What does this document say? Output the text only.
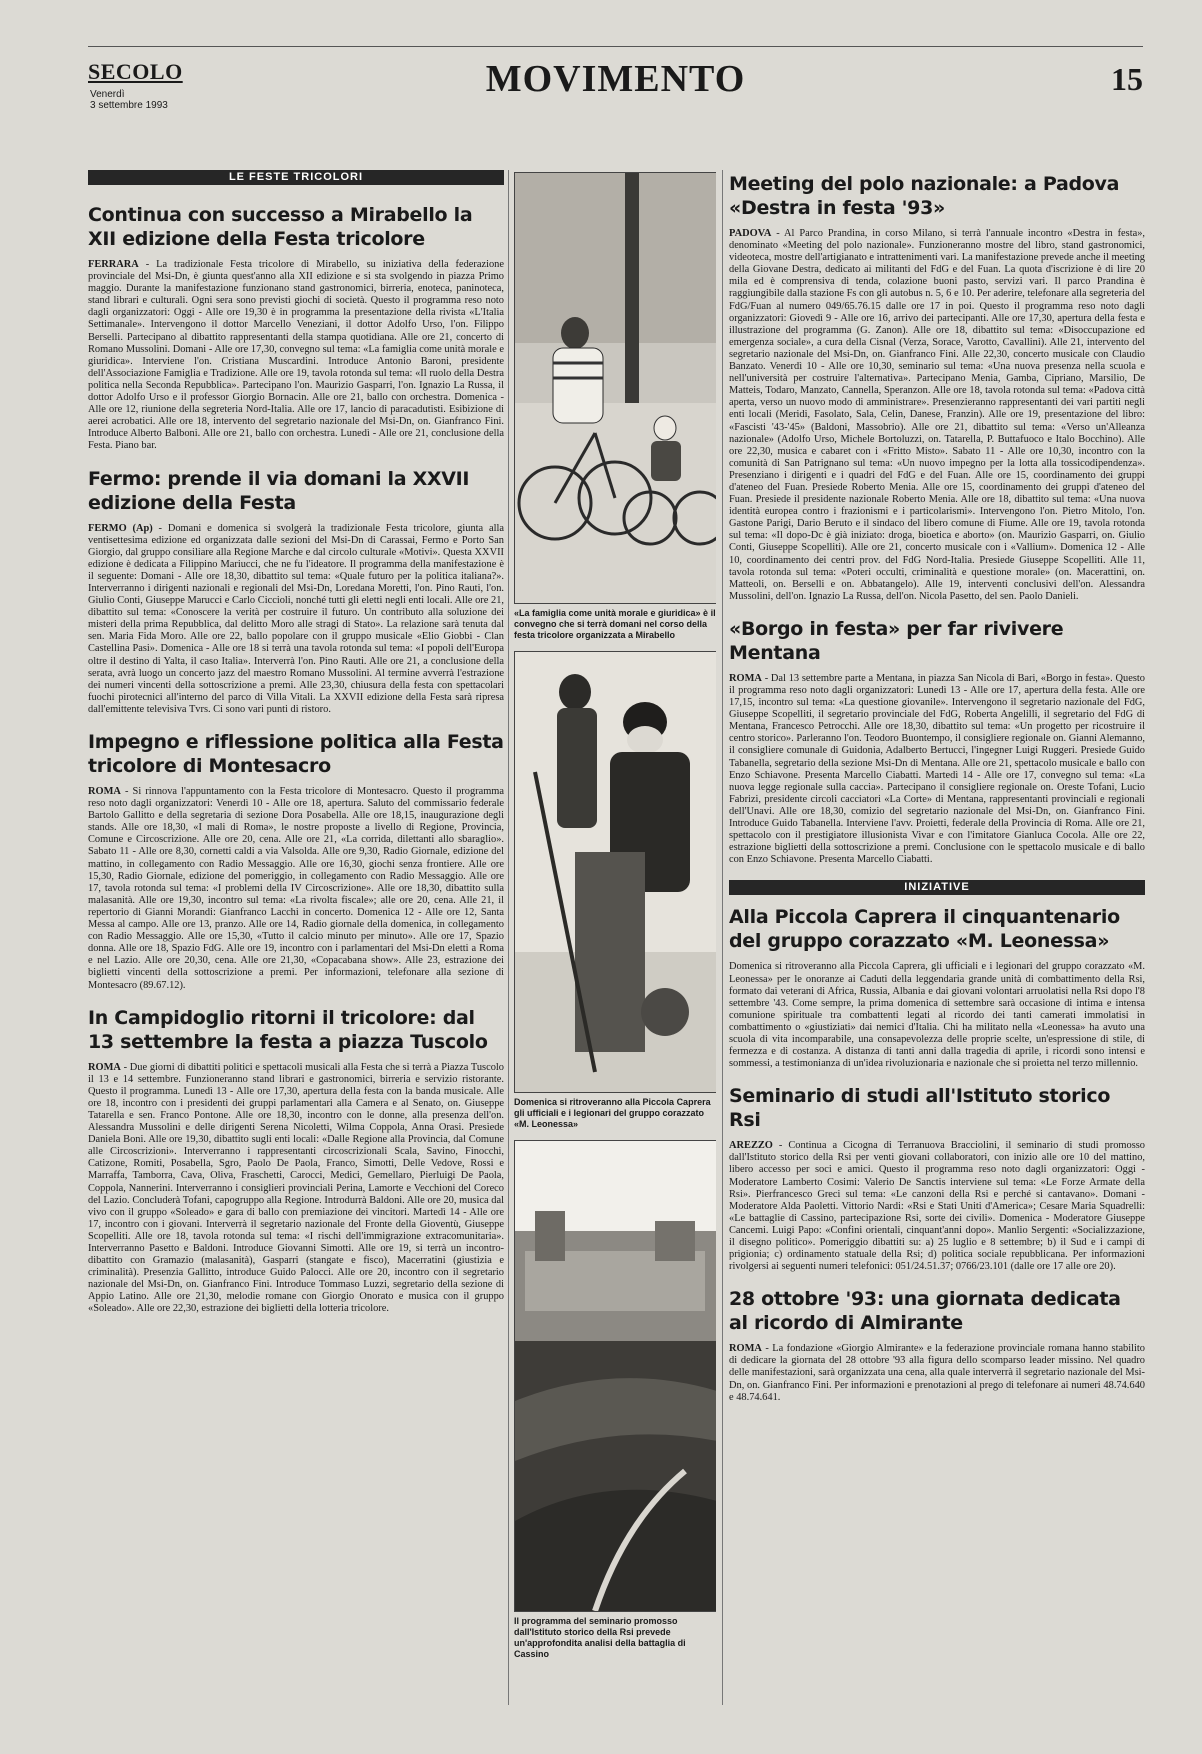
SECOLO
Venerdì
3 settembre 1993
MOVIMENTO	15
LE FESTE TRICOLORI
Continua con successo a Mirabello la XII edizione della Festa tricolore

FERRARA - La tradizionale Festa tricolore di Mirabello, su iniziativa della federazione provinciale del Msi-Dn, è giunta quest'anno alla XII edizione e si sta svolgendo in piazza Primo maggio. Durante la manifestazione funzionano stand gastronomici, birreria, enoteca, paninoteca, stand librari e culturali. Ogni sera sono previsti giochi di società. Questo il programma reso noto dagli organizzatori: Oggi - Alle ore 19,30 è in programma la presentazione della rivista «L'Italia Settimanale». Intervengono il dottor Marcello Veneziani, il dottor Adolfo Urso, l'on. Filippo Berselli. Partecipano al dibattito rappresentanti della stampa quotidiana. Alle ore 21, concerto di Romano Mussolini. Domani - Alle ore 17,30, convegno sul tema: «La famiglia come unità morale e giuridica». Interviene l'on. Cristiana Muscardini. Introduce Antonio Baroni, presidente dell'Associazione Famiglia e Tradizione. Alle ore 19, tavola rotonda sul tema: «Il ruolo della Destra politica nella Seconda Repubblica». Partecipano l'on. Maurizio Gasparri, l'on. Ignazio La Russa, il dottor Adolfo Urso e il professor Giorgio Bornacin. Alle ore 21, ballo con orchestra. Domenica - Alle ore 12, riunione della segreteria Nord-Italia. Alle ore 17, lancio di paracadutisti. Esibizione di aerei acrobatici. Alle ore 18, intervento del segretario nazionale del Msi-Dn, on. Gianfranco Fini. Introduce Alberto Balboni. Alle ore 21, ballo con orchestra. Lunedì - Alle ore 21, conclusione della Festa. Piano bar.

Fermo: prende il via domani la XXVII edizione della Festa

FERMO (Ap) - Domani e domenica si svolgerà la tradizionale Festa tricolore, giunta alla ventisettesima edizione ed organizzata dalle sezioni del Msi-Dn di Carassai, Fermo e Porto San Giorgio, dal gruppo consiliare alla Regione Marche e dal circolo culturale «Motivi». Questa XXVII edizione è dedicata a Filippino Mariucci, che ne fu l'ideatore. Il programma della manifestazione è il seguente: Domani - Alle ore 18,30, dibattito sul tema: «Quale futuro per la politica italiana?». Interverranno i dirigenti nazionali e regionali del Msi-Dn, Loredana Moretti, l'on. Pino Rauti, l'on. Giulio Conti, Giuseppe Marucci e Carlo Ciccioli, nonché tutti gli eletti negli enti locali. Alle ore 21, dibattito sul tema: «Conoscere la verità per costruire il futuro. Un contributo alla soluzione dei misteri della prima Repubblica, dal delitto Moro alle stragi di Stato». La relazione sarà tenuta dal sen. Maria Fida Moro. Alle ore 22, ballo popolare con il gruppo musicale «Elio Giobbi - Clan Castellina Pasi». Domenica - Alle ore 18 si terrà una tavola rotonda sul tema: «I popoli dell'Europa oltre il destino di Yalta, il caso Italia». Interverrà l'on. Pino Rauti. Alle ore 21, a conclusione della serata, avrà luogo un concerto jazz del maestro Romano Mussolini. Al termine avverrà l'estrazione dei numeri vincenti della sottoscrizione a premi. Alle 23,30, chiusura della festa con spettacolari fuochi pirotecnici all'interno del parco di Villa Vitali. La XXVII edizione della Festa sarà ripresa dall'emittente televisiva Tvrs. Ci sono vari punti di ristoro.

Impegno e riflessione politica alla Festa tricolore di Montesacro

ROMA - Si rinnova l'appuntamento con la Festa tricolore di Montesacro. Questo il programma reso noto dagli organizzatori: Venerdì 10 - Alle ore 18, apertura. Saluto del commissario federale Bartolo Gallitto e della segretaria di sezione Dora Posabella. Alle ore 18,15, inaugurazione degli stands. Alle ore 18,30, «I mali di Roma», le nostre proposte a livello di Regione, Provincia, Comune e Circoscrizione. Alle ore 20, cena. Alle ore 21, «La corrida, dilettanti allo sbaraglio». Sabato 11 - Alle ore 8,30, cornetti caldi a via Valsolda. Alle ore 9,30, Radio Giornale, edizione del mattino, in collegamento con Radio Messaggio. Alle ore 16,30, giochi senza frontiere. Alle ore 15,30, Radio Giornale, edizione del pomeriggio, in collegamento con Radio Messaggio. Alle ore 17, tavola rotonda sul tema: «I problemi della IV Circoscrizione». Alle ore 18,30, dibattito sulla malasanità. Alle ore 19,30, incontro sul tema: «La rivolta fiscale»; alle ore 20, cena. Alle 21, il repertorio di Gianni Morandi: Gianfranco Lacchi in concerto. Domenica 12 - Alle ore 12, Santa Messa al campo. Alle ore 13, pranzo. Alle ore 14, Radio giornale della domenica, in collegamento con Radio Messaggio. Alle ore 15,30, «Tutto il calcio minuto per minuto». Alle ore 17, Spazio donna. Alle ore 18, Spazio FdG. Alle ore 19, incontro con i parlamentari del Msi-Dn eletti a Roma e nel Lazio. Alle ore 20,30, cena. Alle ore 21,30, «Copacabana show». Alle 23, estrazione dei biglietti vincenti della sottoscrizione a premi. Per informazioni, telefonare alla sezione di Montesacro (89.67.12).

In Campidoglio ritorni il tricolore: dal 13 settembre la festa a piazza Tuscolo

ROMA - Due giorni di dibattiti politici e spettacoli musicali alla Festa che si terrà a Piazza Tuscolo il 13 e 14 settembre. Funzioneranno stand librari e gastronomici, birreria e servizio ristorante. Questo il programma. Lunedì 13 - Alle ore 17,30, apertura della festa con la banda musicale. Alle ore 18, incontro con i presidenti dei gruppi parlamentari alla Camera e al Senato, on. Giuseppe Tatarella e sen. Franco Pontone. Alle ore 18,30, incontro con le donne, alla presenza dell'on. Alessandra Mussolini e delle dirigenti Serena Nicoletti, Wilma Coppola, Anna Orasi. Presiede Daniela Boni. Alle ore 19,30, dibattito sugli enti locali: «Dalle Regione alla Provincia, dal Comune alle Circoscrizioni». Interverranno i rappresentanti circoscrizionali Scala, Savino, Finocchi, Catizone, Romiti, Posabella, Sgro, Paolo De Paola, Franco, Simotti, Delle Vedove, Rossi e Marraffa, Tamborra, Cava, Oliva, Fraschetti, Carocci, Medici, Gemellaro, Pierluigi De Paola, Coppola, Nannerini. Interverranno i consiglieri provinciali Perina, Lamorte e Vecchioni del Coreco del Lazio. Concluderà Tofani, capogruppo alla Regione. Introdurrà Baldoni. Alle ore 20, musica dal vivo con il gruppo «Soleado» e gara di ballo con premiazione dei vincitori. Martedì 14 - Alle ore 17, incontro con i giovani. Interverrà il segretario nazionale del Fronte della Gioventù, Giuseppe Scopelliti. Alle ore 18, tavola rotonda sul tema: «I rischi dell'immigrazione extracomunitaria». Interverranno Pasetto e Baldoni. Introduce Giovanni Simotti. Alle ore 19, si terrà un incontro-dibattito con Gramazio (malasanità), Gasparri (stangate e fisco), Macerratini (giustizia e criminalità). Presenzia Gallitto, introduce Guido Palocci. Alle ore 20, incontro con il segretario nazionale del Msi-Dn, on. Gianfranco Fini. Introduce Tommaso Luzzi, segretario della sezione di Appio Latino. Alle ore 21,30, melodie romane con Giorgio Onorato e musica con il gruppo «Soleado». Alle ore 22,30, estrazione dei biglietti della lotteria tricolore.

«La famiglia come unità morale e giuridica» è il convegno che si terrà domani nel corso della festa tricolore organizzata a Mirabello
Domenica si ritroveranno alla Piccola Caprera gli ufficiali e i legionari del gruppo corazzato «M. Leonessa»
Il programma del seminario promosso dall'Istituto storico della Rsi prevede un'approfondita analisi della battaglia di Cassino
Meeting del polo nazionale: a Padova «Destra in festa '93»

PADOVA - Al Parco Prandina, in corso Milano, si terrà l'annuale incontro «Destra in festa», denominato «Meeting del polo nazionale». Funzioneranno mostre del libro, stand gastronomici, videoteca, mostre dell'artigianato e intrattenimenti vari. La manifestazione prevede anche il meeting della Giovane Destra, dedicato ai militanti del FdG e del Fuan. La quota d'iscrizione è di lire 20 mila ed è comprensiva di tenda, colazione buoni pasto, servizi vari. Il parco Prandina è raggiungibile dalla stazione Fs con gli autobus n. 5, 6 e 10. Per aderire, telefonare alla segreteria del FdG/Fuan al numero 049/65.76.15 dalle ore 17 in poi. Questo il programma reso noto dagli organizzatori: Giovedì 9 - Alle ore 16, arrivo dei partecipanti. Alle ore 17,30, apertura della festa e illustrazione del programma (G. Zanon). Alle ore 18, dibattito sul tema: «Disoccupazione ed emergenza sociale», a cura della Cisnal (Verza, Sorace, Varotto, Cavallini). Alle 21, intervento del segretario nazionale del Msi-Dn, on. Gianfranco Fini. Alle 22,30, concerto musicale con Claudio Banzato. Venerdì 10 - Alle ore 10,30, seminario sul tema: «Una nuova presenza nella scuola e nell'università per costruire l'alternativa». Partecipano Menia, Gamba, Cipriano, Marsilio, De Matteis, Todaro, Manzato, Cannella, Speranzon. Alle ore 18, tavola rotonda sul tema: «Padova città aperta, verso un nuovo modo di amministrare». Presenzieranno rappresentanti dei vari partiti negli enti locali (Meridi, Fasolato, Sala, Celin, Danese, Franzin). Alle ore 19, presentazione del libro: «Fascisti '43-'45» (Baldoni, Massobrio). Alle ore 21, dibattito sul tema: «Verso un'Alleanza nazionale» (Adolfo Urso, Michele Bortoluzzi, on. Tatarella, P. Buttafuoco e Italo Bocchino). Alle ore 22,30, musica e cabaret con i «Fritto Misto». Sabato 11 - Alle ore 10,30, incontro con la comunità di San Patrignano sul tema: «Un nuovo impegno per la lotta alla tossicodipendenza». Presenziano i dirigenti e i quadri del FdG e del Fuan. Alle ore 15, coordinamento dei gruppi d'ateneo del Fuan. Presiede Roberto Menia. Alle ore 15, coordinamento dei gruppi d'ateneo del Fuan. Presiede il presidente nazionale Roberto Menia. Alle ore 18, dibattito sul tema: «Una nuova identità europea contro i frazionismi e i particolarismi». Intervengono l'on. Pietro Mitolo, l'on. Gastone Parigi, Dario Beruto e il sindaco del libero comune di Fiume. Alle ore 19, tavola rotonda sul tema: «Il dopo-Dc è già iniziato: droga, bioetica e aborto» (on. Maurizio Gasparri, on. Giulio Conti, Giuseppe Scopelliti). Alle ore 21, concerto musicale con i «Vallium». Domenica 12 - Alle 10, coordinamento dei centri prov. del FdG Nord-Italia. Presiede Giuseppe Scopelliti. Alle 11, tavola rotonda sul tema: «Poteri occulti, criminalità e questione morale» (on. Macerattini, on. Matteoli, on. Berselli e on. Abbatangelo). Alle 19, interventi conclusivi dell'on. Alessandra Mussolini, dell'on. Ignazio La Russa, dell'on. Nicola Pasetto, del sen. Paolo Danieli.

«Borgo in festa» per far rivivere Mentana

ROMA - Dal 13 settembre parte a Mentana, in piazza San Nicola di Bari, «Borgo in festa». Questo il programma reso noto dagli organizzatori: Lunedì 13 - Alle ore 17, apertura della festa. Alle ore 17,15, incontro sul tema: «La questione giovanile». Intervengono il segretario nazionale del FdG, Giuseppe Scopelliti, il segretario provinciale del FdG, Roberta Angelilli, il segretario del FdG di Mentana, Francesco Petrocchi. Alle ore 18,30, dibattito sul tema: «Un progetto per ricostruire il centro storico». Parleranno l'on. Teodoro Buontempo, il consigliere regionale on. Gianni Alemanno, il consigliere comunale di Guidonia, Adalberto Bertucci, l'ingegner Luigi Ruggeri. Presiede Guido Tabanella, segretario della sezione Msi-Dn di Mentana. Alle ore 21, spettacolo musicale e ballo con Enzo Schiavone. Presenta Marcello Ciabatti. Martedì 14 - Alle ore 17, convegno sul tema: «La nuova legge regionale sulla caccia». Partecipano il consigliere regionale on. Oreste Tofani, Lucio Fabrizi, presidente circoli cacciatori «La Corte» di Mentana, rappresentanti provinciali e regionali dell'Unavi. Alle ore 18,30, comizio del segretario nazionale del Msi-Dn, on. Gianfranco Fini. Introduce Guido Tabanella. Interviene l'avv. Proietti, federale della Provincia di Roma. Alle ore 21, spettacolo con il prestigiatore illusionista Vivar e con l'imitatore Gianluca Cocola. Alle ore 22, estrazione biglietti della sottoscrizione a premi. Conclusione con le spettacolo musicale e di ballo con Enzo Schiavone. Presenta Marcello Ciabatti.

INIZIATIVE
Alla Piccola Caprera il cinquantenario del gruppo corazzato «M. Leonessa»

Domenica si ritroveranno alla Piccola Caprera, gli ufficiali e i legionari del gruppo corazzato «M. Leonessa» per le onoranze ai Caduti della leggendaria grande unità di combattimento della Rsi, formato dai veterani di Africa, Russia, Albania e dai giovani volontari arruolatisi nella Rsi dopo l'8 settembre '43. Come sempre, la prima domenica di settembre sarà occasione di intima e intensa comunione spirituale tra combattenti legati al ricordo dei tanti camerati immolatisi in combattimento o «giustiziati» dai nemici d'Italia. Chi ha militato nella «Leonessa» ha avuto una scuola di vita incomparabile, una consapevolezza delle proprie scelte, un'espressione di stile, di fermezza e di costanza. A distanza di tanti anni dalla tragedia di aprile, i ricordi sono intensi e sommessi, a testimonianza di un'idea rivoluzionaria e nazionale che si proietta nel terzo millennio.

Seminario di studi all'Istituto storico Rsi

AREZZO - Continua a Cicogna di Terranuova Bracciolini, il seminario di studi promosso dall'Istituto storico della Rsi per venti giovani collaboratori, con inizio alle ore 10 del mattino, libero accesso per soci e amici. Questo il programma reso noto dagli organizzatori: Oggi - Moderatore Lamberto Cosimi: Valerio De Sanctis interviene sul tema: «Le Forze Armate della Rsi». Pierfrancesco Greci sul tema: «Le canzoni della Rsi e perché si cantavano». Domani - Moderatore Alda Paoletti. Vittorio Nardi: «Rsi e Stati Uniti d'America»; Cesare Maria Squadrelli: «Le battaglie di Cassino, partecipazione Rsi, sorte dei civili». Domenica - Moderatore Giuseppe Cancemi. Luigi Papo: «Confini orientali, cinquant'anni dopo». Manlio Sergenti: «Socializzazione, il disegno politico». Pomeriggio dibattiti su: a) 25 luglio e 8 settembre; b) il Sud e i campi di prigionia; c) ordinamento statuale della Rsi; d) politica sociale repubblicana. Per informazioni rivolgersi ai seguenti numeri telefonici: 051/24.51.37; 0766/23.101 (dalle ore 17 alle ore 20).

28 ottobre '93: una giornata dedicata al ricordo di Almirante

ROMA - La fondazione «Giorgio Almirante» e la federazione provinciale romana hanno stabilito di dedicare la giornata del 28 ottobre '93 alla figura dello scomparso leader missino. Nel quadro delle manifestazioni, sarà organizzata una cena, alla quale interverrà il segretario nazionale del Msi-Dn, on. Gianfranco Fini. Per informazioni e prenotazioni al prego di telefonare ai numeri 48.74.640 e 48.74.641.
